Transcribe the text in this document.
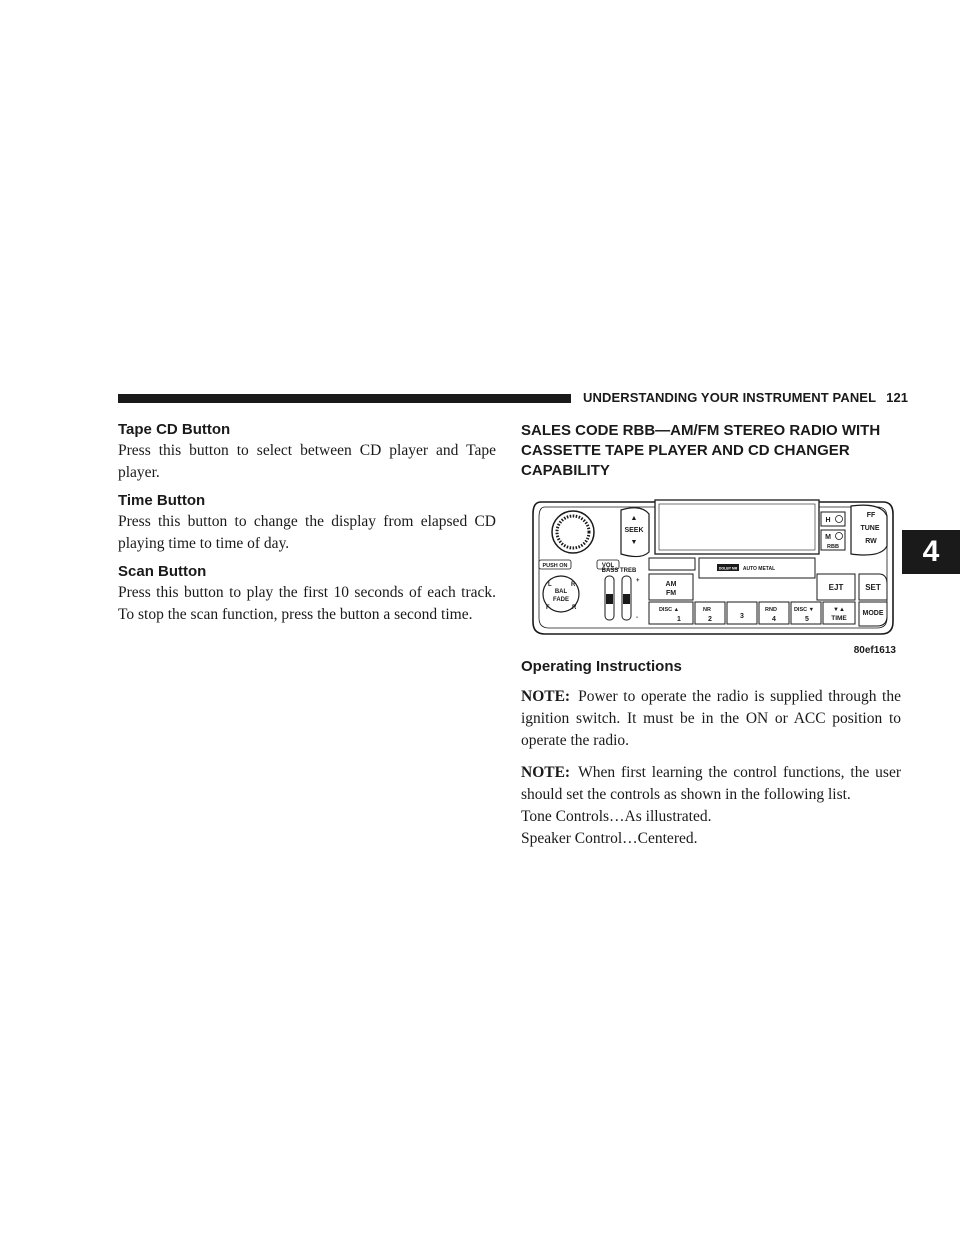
UNDERSTANDING YOUR INSTRUMENT PANEL 121
4
Tape CD Button

Press this button to select between CD player and Tape player.

Time Button

Press this button to change the display from elapsed CD playing time to time of day.

Scan Button

Press this button to play the first 10 seconds of each track. To stop the scan function, press the button a second time.

SALES CODE RBB—AM/FM STEREO RADIO WITH CASSETTE TAPE PLAYER AND CD CHANGER CAPABILITY
PUSH ON	VOL
▲
SEEK
▼
H
M
RBB
FF
TUNE
RW
L	R
BAL
FADE
F	R
BASS TREB
+
-
DOLBY NR AUTO METAL
AM
FM
EJT	SET
DISC ▲
1
NR
2	3
RND
4
DISC ▼
5
▼▲
TIME
MODE
80ef1613
Operating Instructions

NOTE: Power to operate the radio is supplied through the ignition switch. It must be in the ON or ACC position to operate the radio.

NOTE: When first learning the control functions, the user should set the controls as shown in the following list.

Tone Controls…As illustrated.

Speaker Control…Centered.
